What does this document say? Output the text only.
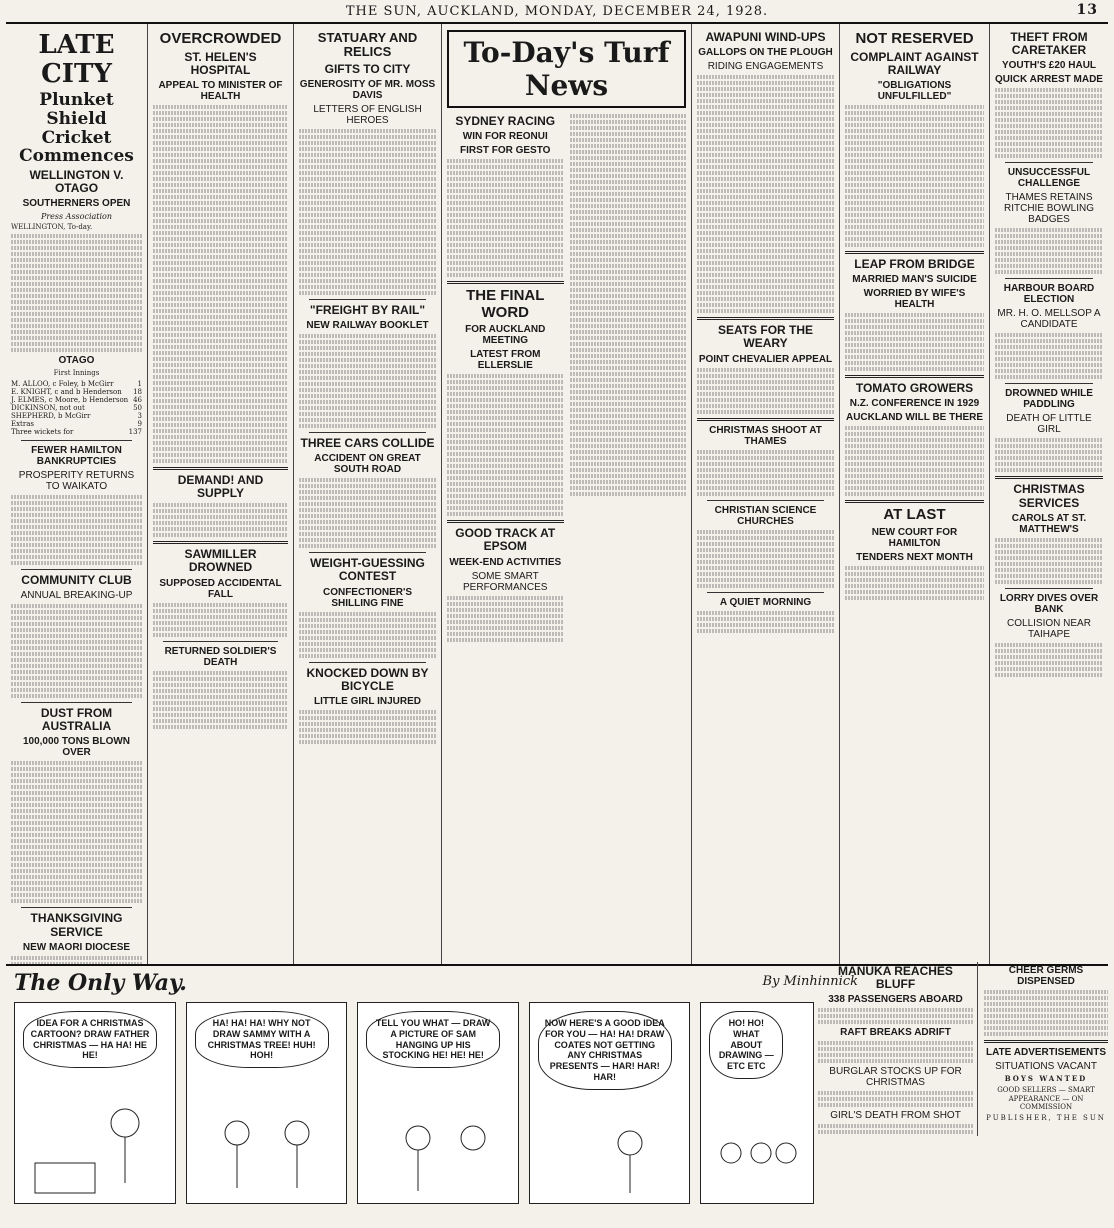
THE SUN, AUCKLAND, MONDAY, DECEMBER 24, 1928.	13
LATE CITY
Plunket Shield Cricket Commences
WELLINGTON V. OTAGO
SOUTHERNERS OPEN
Press Association
WELLINGTON, To-day.
OTAGO
First Innings
M. ALLOO, c Foley, b McGirr	1
E. KNIGHT, c and b Henderson 18
J. ELMES, c Moore, b Henderson 46
DICKINSON, not out	50
SHEPHERD, b McGirr	3
Extras	9
Three wickets for	137
FEWER HAMILTON BANKRUPTCIES
PROSPERITY RETURNS TO WAIKATO
COMMUNITY CLUB
ANNUAL BREAKING-UP
DUST FROM AUSTRALIA
100,000 TONS BLOWN OVER
THANKSGIVING SERVICE
NEW MAORI DIOCESE
OVERCROWDED
ST. HELEN'S HOSPITAL
APPEAL TO MINISTER OF HEALTH
DEMAND! AND SUPPLY
SAWMILLER DROWNED
SUPPOSED ACCIDENTAL FALL
RETURNED SOLDIER'S DEATH
STATUARY AND RELICS
GIFTS TO CITY
GENEROSITY OF MR. MOSS DAVIS
LETTERS OF ENGLISH HEROES
"FREIGHT BY RAIL"
NEW RAILWAY BOOKLET
THREE CARS COLLIDE
ACCIDENT ON GREAT SOUTH ROAD
WEIGHT-GUESSING CONTEST
CONFECTIONER'S SHILLING FINE
KNOCKED DOWN BY BICYCLE
LITTLE GIRL INJURED
To-Day's Turf News
SYDNEY RACING
WIN FOR REONUI
FIRST FOR GESTO
THE FINAL WORD
FOR AUCKLAND MEETING
LATEST FROM ELLERSLIE
GOOD TRACK AT EPSOM
WEEK-END ACTIVITIES
SOME SMART PERFORMANCES
AWAPUNI WIND-UPS
GALLOPS ON THE PLOUGH
RIDING ENGAGEMENTS
SEATS FOR THE WEARY
POINT CHEVALIER APPEAL
CHRISTMAS SHOOT AT THAMES
CHRISTIAN SCIENCE CHURCHES
A QUIET MORNING
NOT RESERVED
COMPLAINT AGAINST RAILWAY
"OBLIGATIONS UNFULFILLED"
LEAP FROM BRIDGE
MARRIED MAN'S SUICIDE
WORRIED BY WIFE'S HEALTH
TOMATO GROWERS
N.Z. CONFERENCE IN 1929
AUCKLAND WILL BE THERE
AT LAST
NEW COURT FOR HAMILTON
TENDERS NEXT MONTH
THEFT FROM CARETAKER
YOUTH'S £20 HAUL
QUICK ARREST MADE
UNSUCCESSFUL CHALLENGE
THAMES RETAINS RITCHIE BOWLING BADGES
HARBOUR BOARD ELECTION
MR. H. O. MELLSOP A CANDIDATE
DROWNED WHILE PADDLING
DEATH OF LITTLE GIRL
CHRISTMAS SERVICES
CAROLS AT ST. MATTHEW'S
LORRY DIVES OVER BANK
COLLISION NEAR TAIHAPE
The Only Way.	By Minhinnick
IDEA FOR A CHRISTMAS CARTOON? DRAW FATHER CHRISTMAS — HA HA! HE HE!
HA! HA! HA! WHY NOT DRAW SAMMY WITH A CHRISTMAS TREE! HUH! HOH!
TELL YOU WHAT — DRAW A PICTURE OF SAM HANGING UP HIS STOCKING HE! HE! HE!
NOW HERE'S A GOOD IDEA FOR YOU — HA! HA! DRAW COATES NOT GETTING ANY CHRISTMAS PRESENTS — HAR! HAR! HAR!
HO! HO! WHAT ABOUT DRAWING — ETC ETC
MANUKA REACHES BLUFF
338 PASSENGERS ABOARD
RAFT BREAKS ADRIFT
BURGLAR STOCKS UP FOR CHRISTMAS
GIRL'S DEATH FROM SHOT
CHEER GERMS DISPENSED
LATE ADVERTISEMENTS
SITUATIONS VACANT
BOYS WANTED
GOOD SELLERS — SMART APPEARANCE — ON COMMISSION
PUBLISHER, THE SUN
